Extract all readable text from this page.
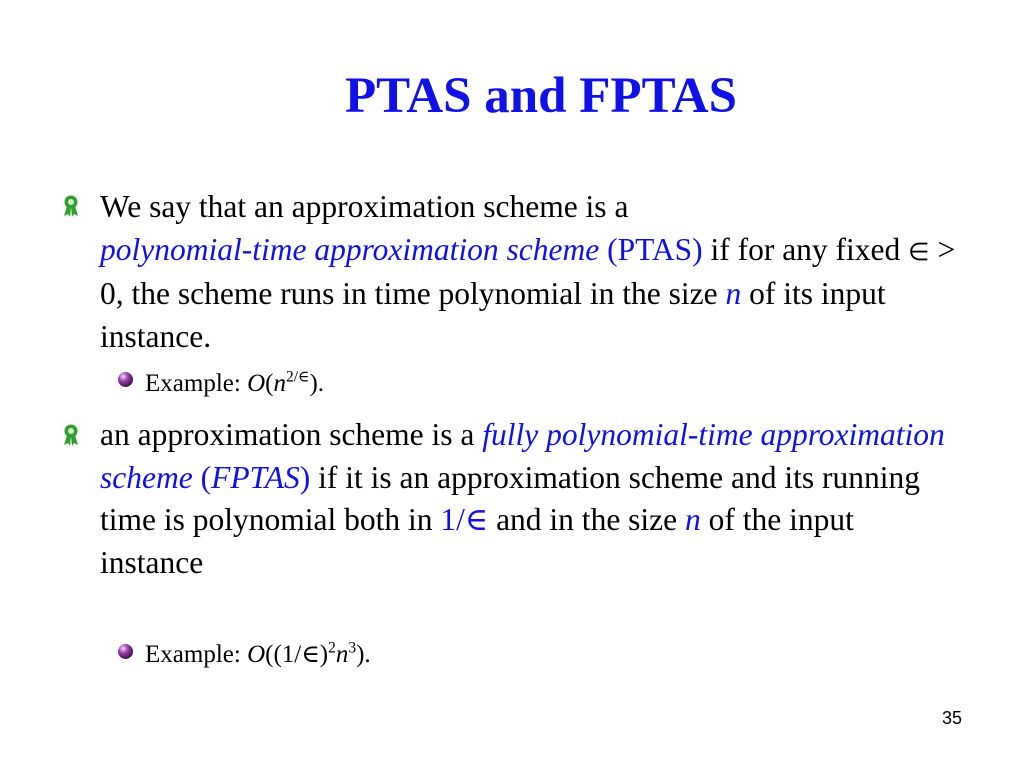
PTAS and FPTAS
We say that an approximation scheme is a
polynomial-time approximation scheme (PTAS) if for any fixed ∈ > 0, the scheme runs in time polynomial in the size n of its input instance.
Example: $O(n^{2/\in})$.
an approximation scheme is a fully polynomial-time approximation scheme (FPTAS) if it is an approximation scheme and its running time is polynomial both in 1/∈ and in the size n of the input instance
Example: $O((1/\in)^2n^3)$.
35
